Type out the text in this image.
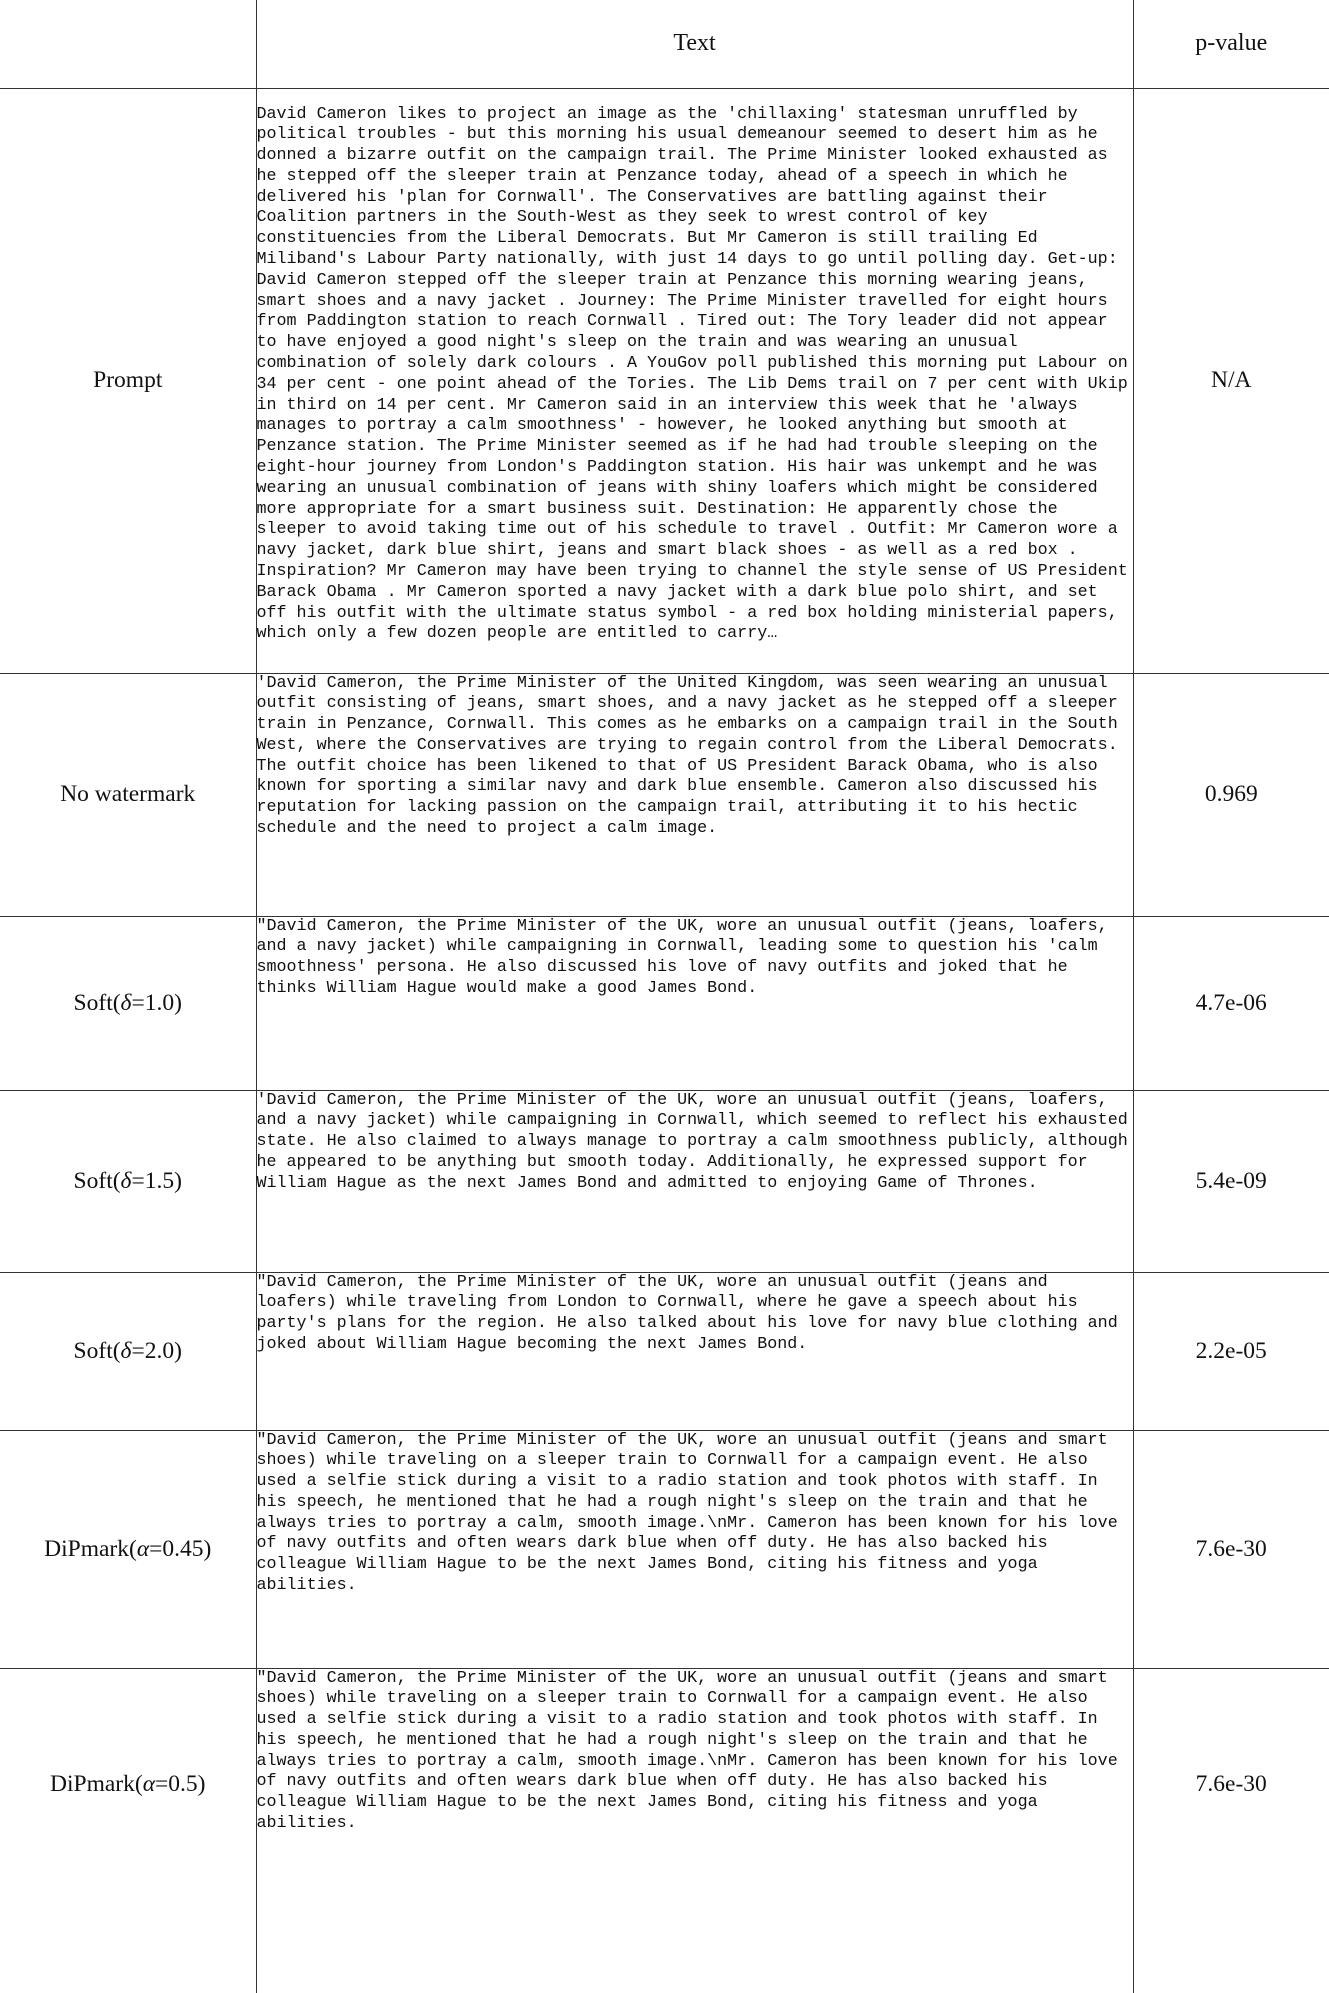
	Text	p-value
Prompt	David Cameron likes to project an image as the 'chillaxing' statesman unruffled by political troubles - but this morning his usual demeanour seemed to desert him as he donned a bizarre outfit on the campaign trail. The Prime Minister looked exhausted as he stepped off the sleeper train at Penzance today, ahead of a speech in which he delivered his 'plan for Cornwall'. The Conservatives are battling against their Coalition partners in the South-West as they seek to wrest control of key constituencies from the Liberal Democrats. But Mr Cameron is still trailing Ed Miliband's Labour Party nationally, with just 14 days to go until polling day. Get-up: David Cameron stepped off the sleeper train at Penzance this morning wearing jeans, smart shoes and a navy jacket . Journey: The Prime Minister travelled for eight hours from Paddington station to reach Cornwall . Tired out: The Tory leader did not appear to have enjoyed a good night's sleep on the train and was wearing an unusual combination of solely dark colours . A YouGov poll published this morning put Labour on 34 per cent - one point ahead of the Tories. The Lib Dems trail on 7 per cent with Ukip in third on 14 per cent. Mr Cameron said in an interview this week that he 'always manages to portray a calm smoothness' - however, he looked anything but smooth at Penzance station. The Prime Minister seemed as if he had had trouble sleeping on the eight-hour journey from London's Paddington station. His hair was unkempt and he was wearing an unusual combination of jeans with shiny loafers which might be considered more appropriate for a smart business suit. Destination: He apparently chose the sleeper to avoid taking time out of his schedule to travel . Outfit: Mr Cameron wore a navy jacket, dark blue shirt, jeans and smart black shoes - as well as a red box . Inspiration? Mr Cameron may have been trying to channel the style sense of US President Barack Obama . Mr Cameron sported a navy jacket with a dark blue polo shirt, and set off his outfit with the ultimate status symbol - a red box holding ministerial papers, which only a few dozen people are entitled to carry…	N/A
No watermark	'David Cameron, the Prime Minister of the United Kingdom, was seen wearing an unusual outfit consisting of jeans, smart shoes, and a navy jacket as he stepped off a sleeper train in Penzance, Cornwall. This comes as he embarks on a campaign trail in the South West, where the Conservatives are trying to regain control from the Liberal Democrats. The outfit choice has been likened to that of US President Barack Obama, who is also known for sporting a similar navy and dark blue ensemble. Cameron also discussed his reputation for lacking passion on the campaign trail, attributing it to his hectic schedule and the need to project a calm image.	0.969
Soft(δ=1.0)	"David Cameron, the Prime Minister of the UK, wore an unusual outfit (jeans, loafers, and a navy jacket) while campaigning in Cornwall, leading some to question his 'calm smoothness' persona. He also discussed his love of navy outfits and joked that he thinks William Hague would make a good James Bond.	4.7e-06
Soft(δ=1.5)	'David Cameron, the Prime Minister of the UK, wore an unusual outfit (jeans, loafers, and a navy jacket) while campaigning in Cornwall, which seemed to reflect his exhausted state. He also claimed to always manage to portray a calm smoothness publicly, although he appeared to be anything but smooth today. Additionally, he expressed support for William Hague as the next James Bond and admitted to enjoying Game of Thrones.	5.4e-09
Soft(δ=2.0)	"David Cameron, the Prime Minister of the UK, wore an unusual outfit (jeans and loafers) while traveling from London to Cornwall, where he gave a speech about his party's plans for the region. He also talked about his love for navy blue clothing and joked about William Hague becoming the next James Bond.	2.2e-05
DiPmark(α=0.45)	"David Cameron, the Prime Minister of the UK, wore an unusual outfit (jeans and smart shoes) while traveling on a sleeper train to Cornwall for a campaign event. He also used a selfie stick during a visit to a radio station and took photos with staff. In his speech, he mentioned that he had a rough night's sleep on the train and that he always tries to portray a calm, smooth image.\nMr. Cameron has been known for his love of navy outfits and often wears dark blue when off duty. He has also backed his colleague William Hague to be the next James Bond, citing his fitness and yoga abilities.	7.6e-30
DiPmark(α=0.5)	"David Cameron, the Prime Minister of the UK, wore an unusual outfit (jeans and smart shoes) while traveling on a sleeper train to Cornwall for a campaign event. He also used a selfie stick during a visit to a radio station and took photos with staff. In his speech, he mentioned that he had a rough night's sleep on the train and that he always tries to portray a calm, smooth image.\nMr. Cameron has been known for his love of navy outfits and often wears dark blue when off duty. He has also backed his colleague William Hague to be the next James Bond, citing his fitness and yoga abilities.	7.6e-30
